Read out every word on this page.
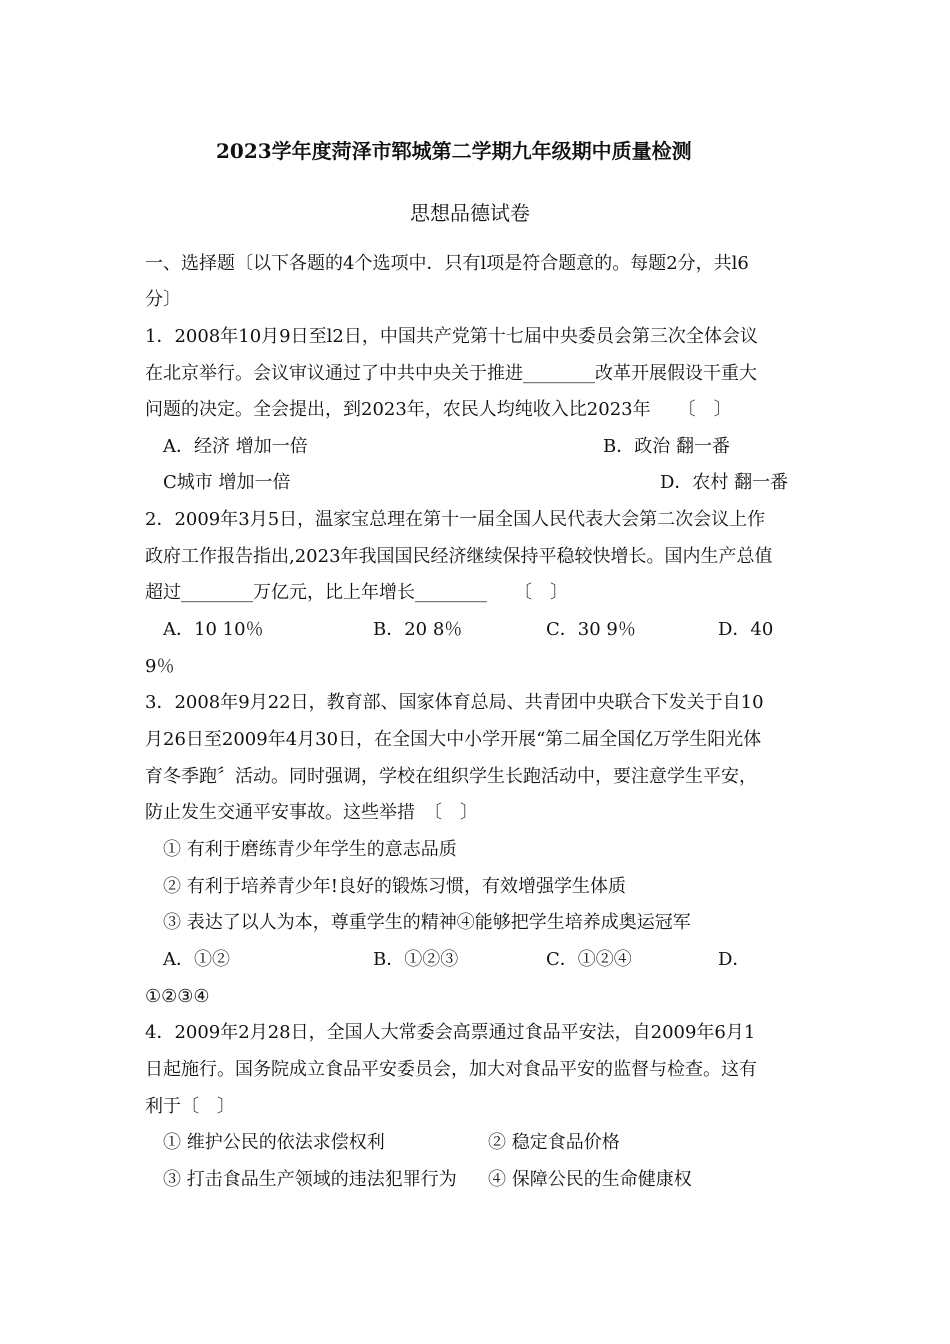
2023学年度菏泽市郓城第二学期九年级期中质量检测
思想品德试卷
一、选择题〔以下各题的4个选项中．只有l项是符合题意的。每题2分，共l6
分〕
1．2008年10月9日至l2日，中国共产党第十七届中央委员会第三次全体会议
在北京举行。会议审议通过了中共中央关于推进________改革开展假设干重大
问题的决定。全会提出，到2023年，农民人均纯收入比2023年　　〔　〕
A．经济 增加一倍	B．政治 翻一番
C城市 增加一倍	D．农村 翻一番
2．2009年3月5日，温家宝总理在第十一届全国人民代表大会第二次会议上作
政府工作报告指出,2023年我国国民经济继续保持平稳较快增长。国内生产总值
超过________万亿元，比上年增长________　　〔　〕
A．10 10％	B．20 8％	C．30 9％	D．40
9％
3．2008年9月22日，教育部、国家体育总局、共青团中央联合下发关于自10
月26日至2009年4月30日，在全国大中小学开展“第二届全国亿万学生阳光体
育冬季跑〞活动。同时强调，学校在组织学生长跑活动中，要注意学生平安，
防止发生交通平安事故。这些举措　〔　〕
① 有利于磨练青少年学生的意志品质
② 有利于培养青少年!良好的锻炼习惯，有效增强学生体质
③ 表达了以人为本，尊重学生的精神④能够把学生培养成奥运冠军
A．①②	B．①②③	C．①②④	D．
①②③④
4．2009年2月28日，全国人大常委会高票通过食品平安法，自2009年6月1
日起施行。国务院成立食品平安委员会，加大对食品平安的监督与检查。这有
利于〔　〕
① 维护公民的依法求偿权利	② 稳定食品价格
③ 打击食品生产领域的违法犯罪行为 ④ 保障公民的生命健康权
